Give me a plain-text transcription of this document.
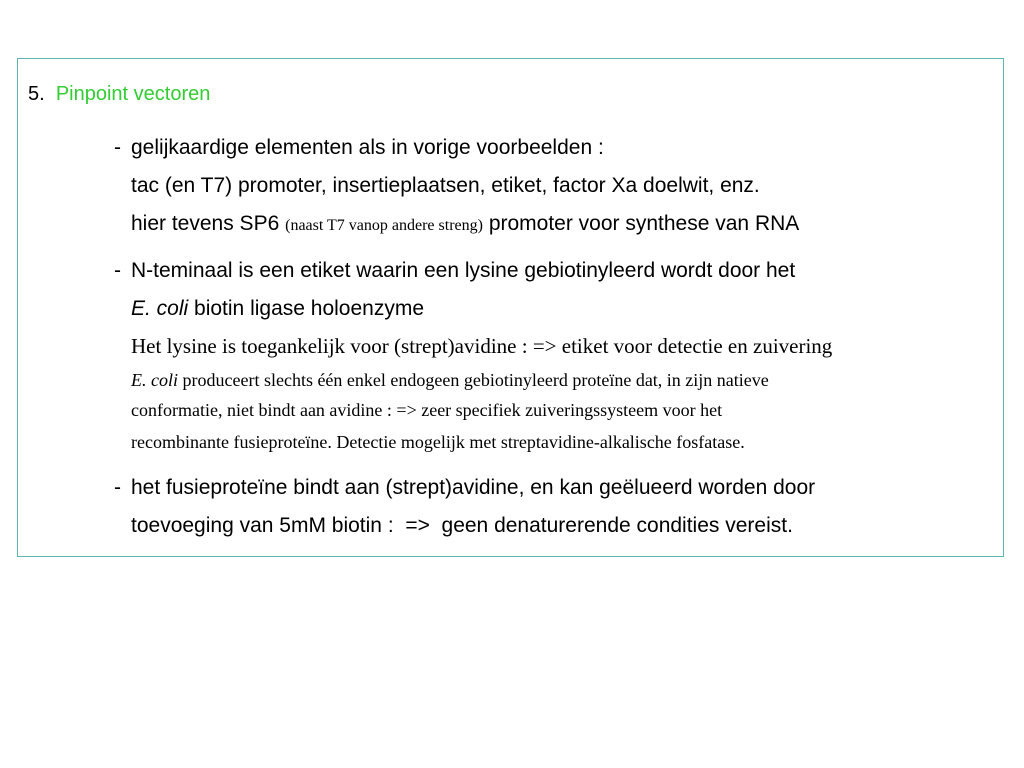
5. Pinpoint vectoren
- gelijkaardige elementen als in vorige voorbeelden :
tac (en T7) promoter, insertieplaatsen, etiket, factor Xa doelwit, enz.
hier tevens SP6 (naast T7 vanop andere streng) promoter voor synthese van RNA
- N-teminaal is een etiket waarin een lysine gebiotinyleerd wordt door het
E. coli biotin ligase holoenzyme
Het lysine is toegankelijk voor (strept)avidine : => etiket voor detectie en zuivering
E. coli produceert slechts één enkel endogeen gebiotinyleerd proteïne dat, in zijn natieve
conformatie, niet bindt aan avidine : => zeer specifiek zuiveringssysteem voor het
recombinante fusieproteïne. Detectie mogelijk met streptavidine-alkalische fosfatase.
- het fusieproteïne bindt aan (strept)avidine, en kan geëlueerd worden door
toevoeging van 5mM biotin :  =>  geen denaturerende condities vereist.
